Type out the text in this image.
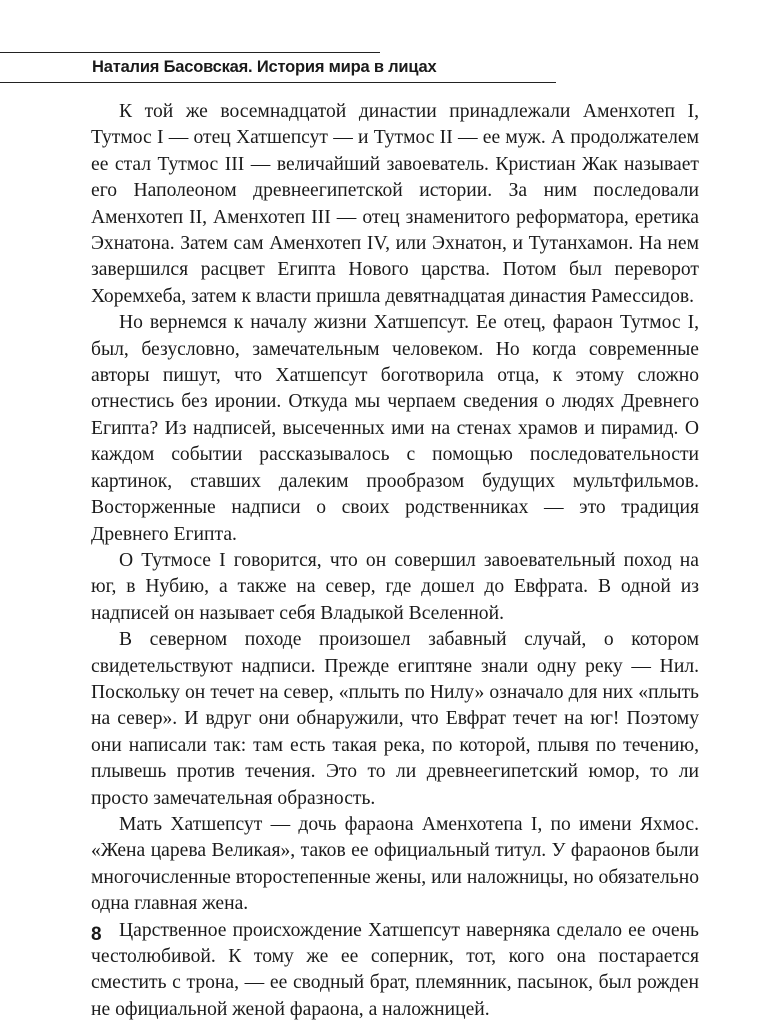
Наталия Басовская. История мира в лицах

К той же восемнадцатой династии принадлежали Аменхотеп I, Тутмос I — отец Хатшепсут — и Тутмос II — ее муж. А продолжателем ее стал Тутмос III — величайший завоеватель. Кристиан Жак называет его Наполеоном древнеегипетской истории. За ним последовали Аменхотеп II, Аменхотеп III — отец знаменитого реформатора, еретика Эхнатона. Затем сам Аменхотеп IV, или Эхнатон, и Тутанхамон. На нем завершился расцвет Египта Нового царства. Потом был переворот Хоремхеба, затем к власти пришла девятнадцатая династия Рамессидов.

Но вернемся к началу жизни Хатшепсут. Ее отец, фараон Тутмос I, был, безусловно, замечательным человеком. Но когда современные авторы пишут, что Хатшепсут боготворила отца, к этому сложно отнестись без иронии. Откуда мы черпаем сведения о людях Древнего Египта? Из надписей, высеченных ими на стенах храмов и пирамид. О каждом событии рассказывалось с помощью последовательности картинок, ставших далеким прообразом будущих мультфильмов. Восторженные надписи о своих родственниках — это традиция Древнего Египта.

О Тутмосе I говорится, что он совершил завоевательный поход на юг, в Нубию, а также на север, где дошел до Евфрата. В одной из надписей он называет себя Владыкой Вселенной.

В северном походе произошел забавный случай, о котором свидетельствуют надписи. Прежде египтяне знали одну реку — Нил. Поскольку он течет на север, «плыть по Нилу» означало для них «плыть на север». И вдруг они обнаружили, что Евфрат течет на юг! Поэтому они написали так: там есть такая река, по которой, плывя по течению, плывешь против течения. Это то ли древнеегипетский юмор, то ли просто замечательная образность.

Мать Хатшепсут — дочь фараона Аменхотепа I, по имени Яхмос. «Жена царева Великая», таков ее официальный титул. У фараонов были многочисленные второстепенные жены, или наложницы, но обязательно одна главная жена.

Царственное происхождение Хатшепсут наверняка сделало ее очень честолюбивой. К тому же ее соперник, тот, кого она постарается сместить с трона, — ее сводный брат, племянник, пасынок, был рожден не официальной женой фараона, а наложницей.

8
